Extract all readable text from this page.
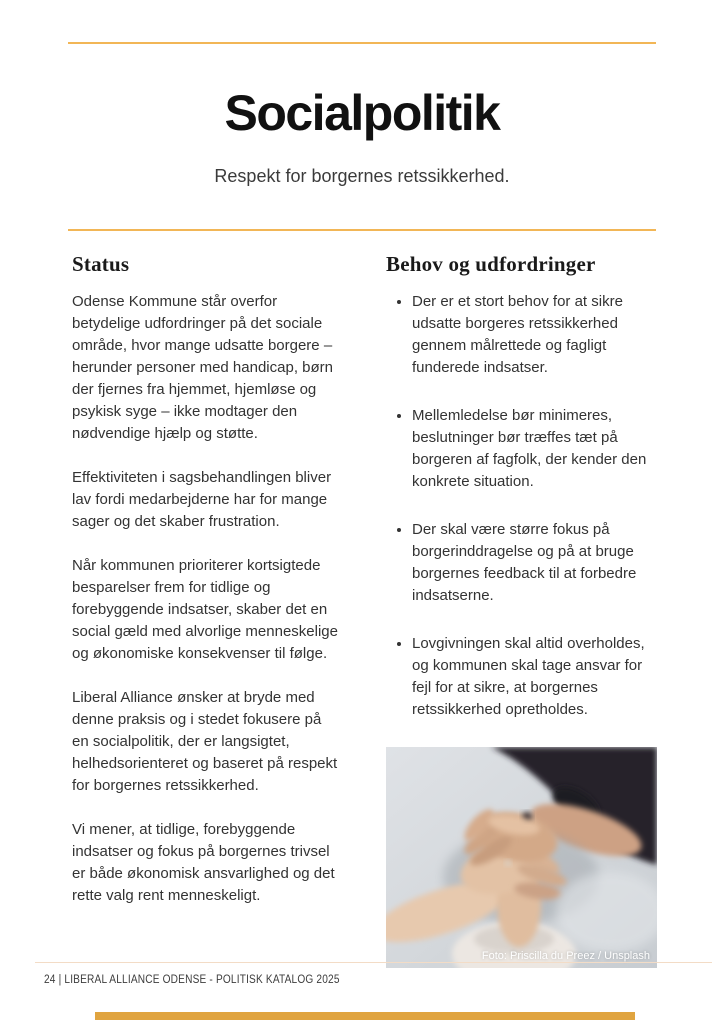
Socialpolitik

Respekt for borgernes retssikkerhed.

Status

Odense Kommune står overfor betydelige udfordringer på det sociale område, hvor mange udsatte borgere – herunder personer med handicap, børn der fjernes fra hjemmet, hjemløse og psykisk syge – ikke modtager den nødvendige hjælp og støtte.

Effektiviteten i sagsbehandlingen bliver lav fordi medarbejderne har for mange sager og det skaber frustration.

Når kommunen prioriterer kortsigtede besparelser frem for tidlige og forebyggende indsatser, skaber det en social gæld med alvorlige menneskelige og økonomiske konsekvenser til følge.

Liberal Alliance ønsker at bryde med denne praksis og i stedet fokusere på en socialpolitik, der er langsigtet, helhedsorienteret og baseret på respekt for borgernes retssikkerhed.

Vi mener, at tidlige, forebyggende indsatser og fokus på borgernes trivsel er både økonomisk ansvarlighed og det rette valg rent menneskeligt.

Behov og udfordringer
• Der er et stort behov for at sikre udsatte borgeres retssikkerhed gennem målrettede og fagligt funderede indsatser.
• Mellemledelse bør minimeres, beslutninger bør træffes tæt på borgeren af fagfolk, der kender den konkrete situation.
• Der skal være større fokus på borgerinddragelse og på at bruge borgernes feedback til at forbedre indsatserne.
• Lovgivningen skal altid overholdes, og kommunen skal tage ansvar for fejl for at sikre, at borgernes retssikkerhed opretholdes.
Foto: Priscilla du Preez / Unsplash
24 | LIBERAL ALLIANCE ODENSE - POLITISK KATALOG 2025
